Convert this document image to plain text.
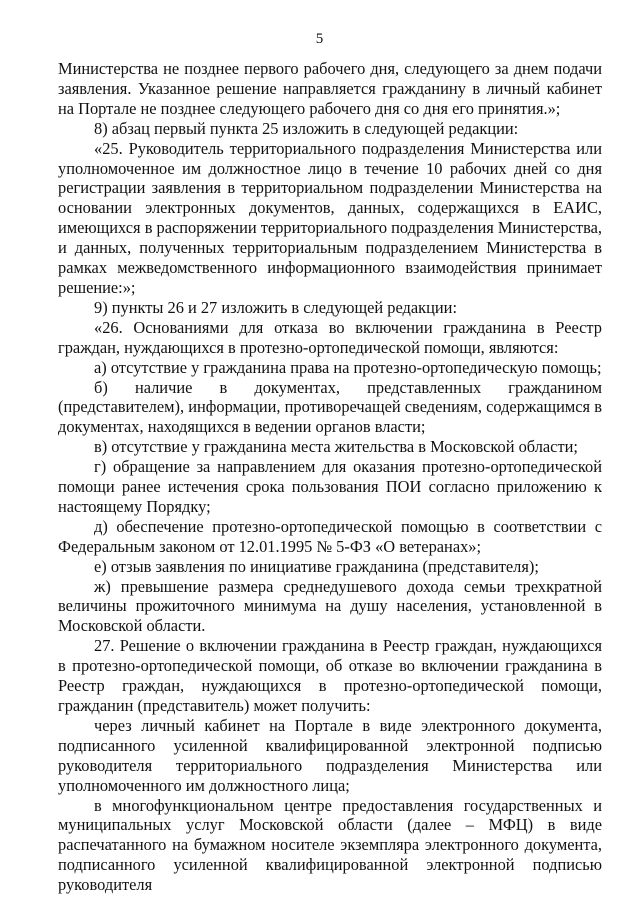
5

Министерства не позднее первого рабочего дня, следующего за днем подачи заявления. Указанное решение направляется гражданину в личный кабинет на Портале не позднее следующего рабочего дня со дня его принятия.»;

8) абзац первый пункта 25 изложить в следующей редакции:

«25. Руководитель территориального подразделения Министерства или уполномоченное им должностное лицо в течение 10 рабочих дней со дня регистрации заявления в территориальном подразделении Министерства на основании электронных документов, данных, содержащихся в ЕАИС, имеющихся в распоряжении территориального подразделения Министерства, и данных, полученных территориальным подразделением Министерства в рамках межведомственного информационного взаимодействия принимает решение:»;

9) пункты 26 и 27 изложить в следующей редакции:

«26. Основаниями для отказа во включении гражданина в Реестр граждан, нуждающихся в протезно-ортопедической помощи, являются:

а) отсутствие у гражданина права на протезно-ортопедическую помощь;

б) наличие в документах, представленных гражданином (представителем), информации, противоречащей сведениям, содержащимся в документах, находящихся в ведении органов власти;

в) отсутствие у гражданина места жительства в Московской области;

г) обращение за направлением для оказания протезно-ортопедической помощи ранее истечения срока пользования ПОИ согласно приложению к настоящему Порядку;

д) обеспечение протезно-ортопедической помощью в соответствии с Федеральным законом от 12.01.1995 № 5-ФЗ «О ветеранах»;

е) отзыв заявления по инициативе гражданина (представителя);

ж) превышение размера среднедушевого дохода семьи трехкратной величины прожиточного минимума на душу населения, установленной в Московской области.

27. Решение о включении гражданина в Реестр граждан, нуждающихся в протезно-ортопедической помощи, об отказе во включении гражданина в Реестр граждан, нуждающихся в протезно-ортопедической помощи, гражданин (представитель) может получить:

через личный кабинет на Портале в виде электронного документа, подписанного усиленной квалифицированной электронной подписью руководителя территориального подразделения Министерства или уполномоченного им должностного лица;

в многофункциональном центре предоставления государственных и муниципальных услуг Московской области (далее – МФЦ) в виде распечатанного на бумажном носителе экземпляра электронного документа, подписанного усиленной квалифицированной электронной подписью руководителя
